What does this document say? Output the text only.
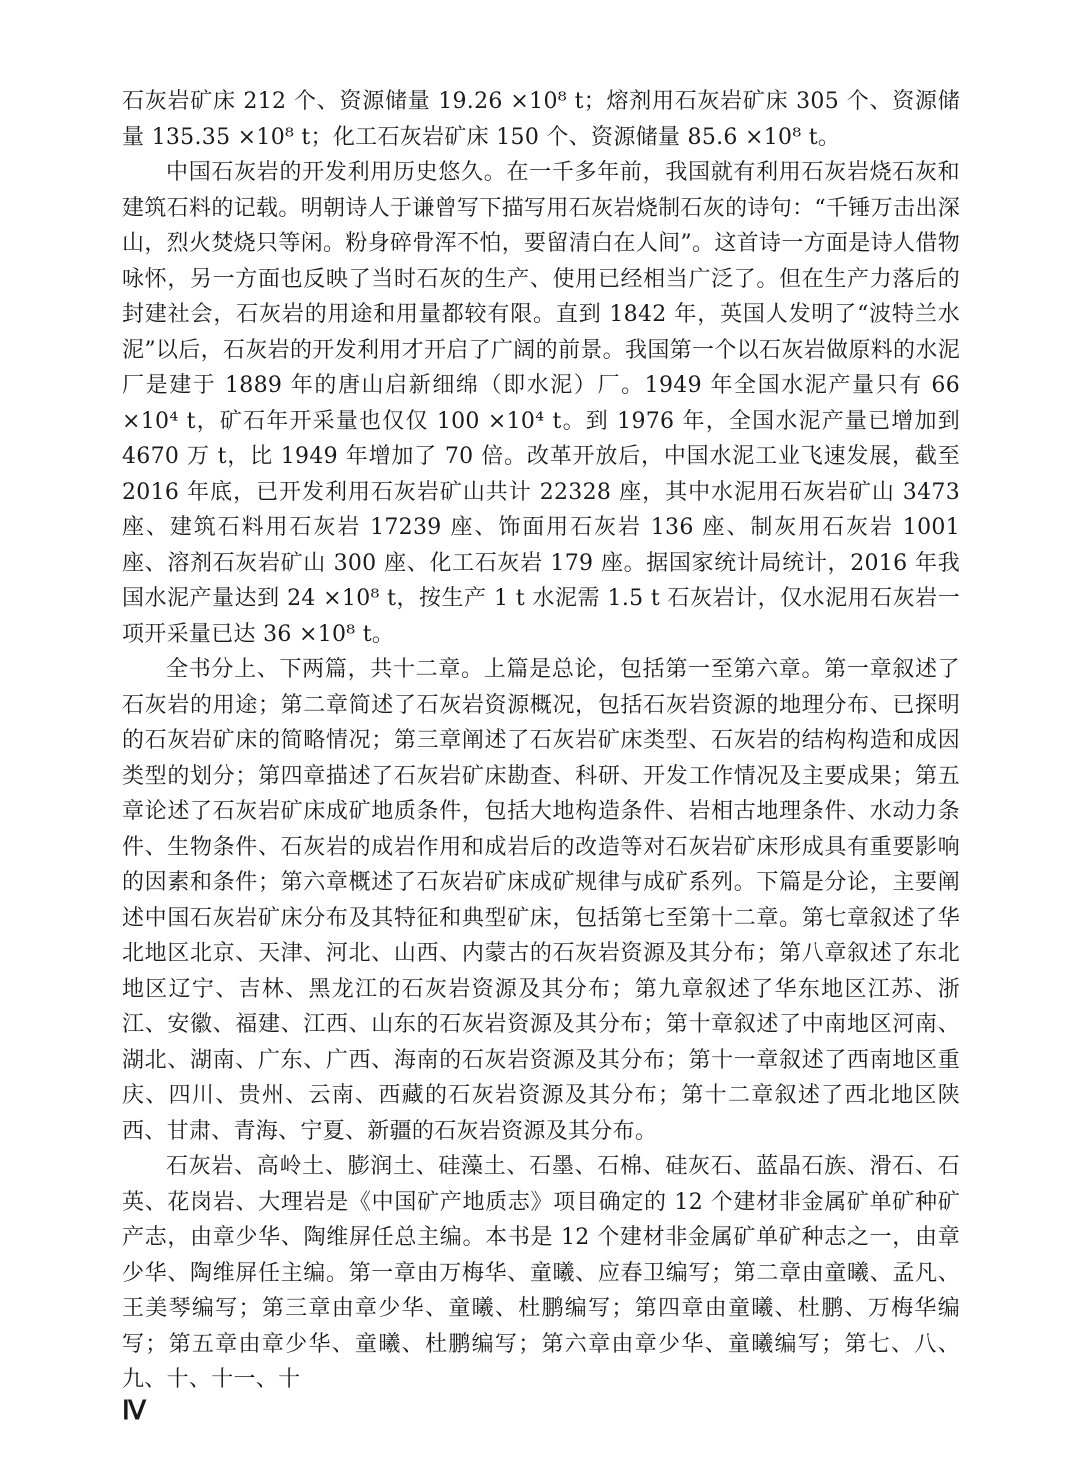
石灰岩矿床 212 个、资源储量 19.26 ×10⁸ t；熔剂用石灰岩矿床 305 个、资源储量 135.35 ×10⁸ t；化工石灰岩矿床 150 个、资源储量 85.6 ×10⁸ t。

中国石灰岩的开发利用历史悠久。在一千多年前，我国就有利用石灰岩烧石灰和建筑石料的记载。明朝诗人于谦曾写下描写用石灰岩烧制石灰的诗句：“千锤万击出深山，烈火焚烧只等闲。粉身碎骨浑不怕，要留清白在人间”。这首诗一方面是诗人借物咏怀，另一方面也反映了当时石灰的生产、使用已经相当广泛了。但在生产力落后的封建社会，石灰岩的用途和用量都较有限。直到 1842 年，英国人发明了“波特兰水泥”以后，石灰岩的开发利用才开启了广阔的前景。我国第一个以石灰岩做原料的水泥厂是建于 1889 年的唐山启新细绵（即水泥）厂。1949 年全国水泥产量只有 66 ×10⁴ t，矿石年开采量也仅仅 100 ×10⁴ t。到 1976 年，全国水泥产量已增加到 4670 万 t，比 1949 年增加了 70 倍。改革开放后，中国水泥工业飞速发展，截至 2016 年底，已开发利用石灰岩矿山共计 22328 座，其中水泥用石灰岩矿山 3473 座、建筑石料用石灰岩 17239 座、饰面用石灰岩 136 座、制灰用石灰岩 1001 座、溶剂石灰岩矿山 300 座、化工石灰岩 179 座。据国家统计局统计，2016 年我国水泥产量达到 24 ×10⁸ t，按生产 1 t 水泥需 1.5 t 石灰岩计，仅水泥用石灰岩一项开采量已达 36 ×10⁸ t。

全书分上、下两篇，共十二章。上篇是总论，包括第一至第六章。第一章叙述了石灰岩的用途；第二章简述了石灰岩资源概况，包括石灰岩资源的地理分布、已探明的石灰岩矿床的简略情况；第三章阐述了石灰岩矿床类型、石灰岩的结构构造和成因类型的划分；第四章描述了石灰岩矿床勘查、科研、开发工作情况及主要成果；第五章论述了石灰岩矿床成矿地质条件，包括大地构造条件、岩相古地理条件、水动力条件、生物条件、石灰岩的成岩作用和成岩后的改造等对石灰岩矿床形成具有重要影响的因素和条件；第六章概述了石灰岩矿床成矿规律与成矿系列。下篇是分论，主要阐述中国石灰岩矿床分布及其特征和典型矿床，包括第七至第十二章。第七章叙述了华北地区北京、天津、河北、山西、内蒙古的石灰岩资源及其分布；第八章叙述了东北地区辽宁、吉林、黑龙江的石灰岩资源及其分布；第九章叙述了华东地区江苏、浙江、安徽、福建、江西、山东的石灰岩资源及其分布；第十章叙述了中南地区河南、湖北、湖南、广东、广西、海南的石灰岩资源及其分布；第十一章叙述了西南地区重庆、四川、贵州、云南、西藏的石灰岩资源及其分布；第十二章叙述了西北地区陕西、甘肃、青海、宁夏、新疆的石灰岩资源及其分布。

石灰岩、高岭土、膨润土、硅藻土、石墨、石棉、硅灰石、蓝晶石族、滑石、石英、花岗岩、大理岩是《中国矿产地质志》项目确定的 12 个建材非金属矿单矿种矿产志，由章少华、陶维屏任总主编。本书是 12 个建材非金属矿单矿种志之一，由章少华、陶维屏任主编。第一章由万梅华、童曦、应春卫编写；第二章由童曦、孟凡、王美琴编写；第三章由章少华、童曦、杜鹏编写；第四章由童曦、杜鹏、万梅华编写；第五章由章少华、童曦、杜鹏编写；第六章由章少华、童曦编写；第七、八、九、十、十一、十

Ⅳ
